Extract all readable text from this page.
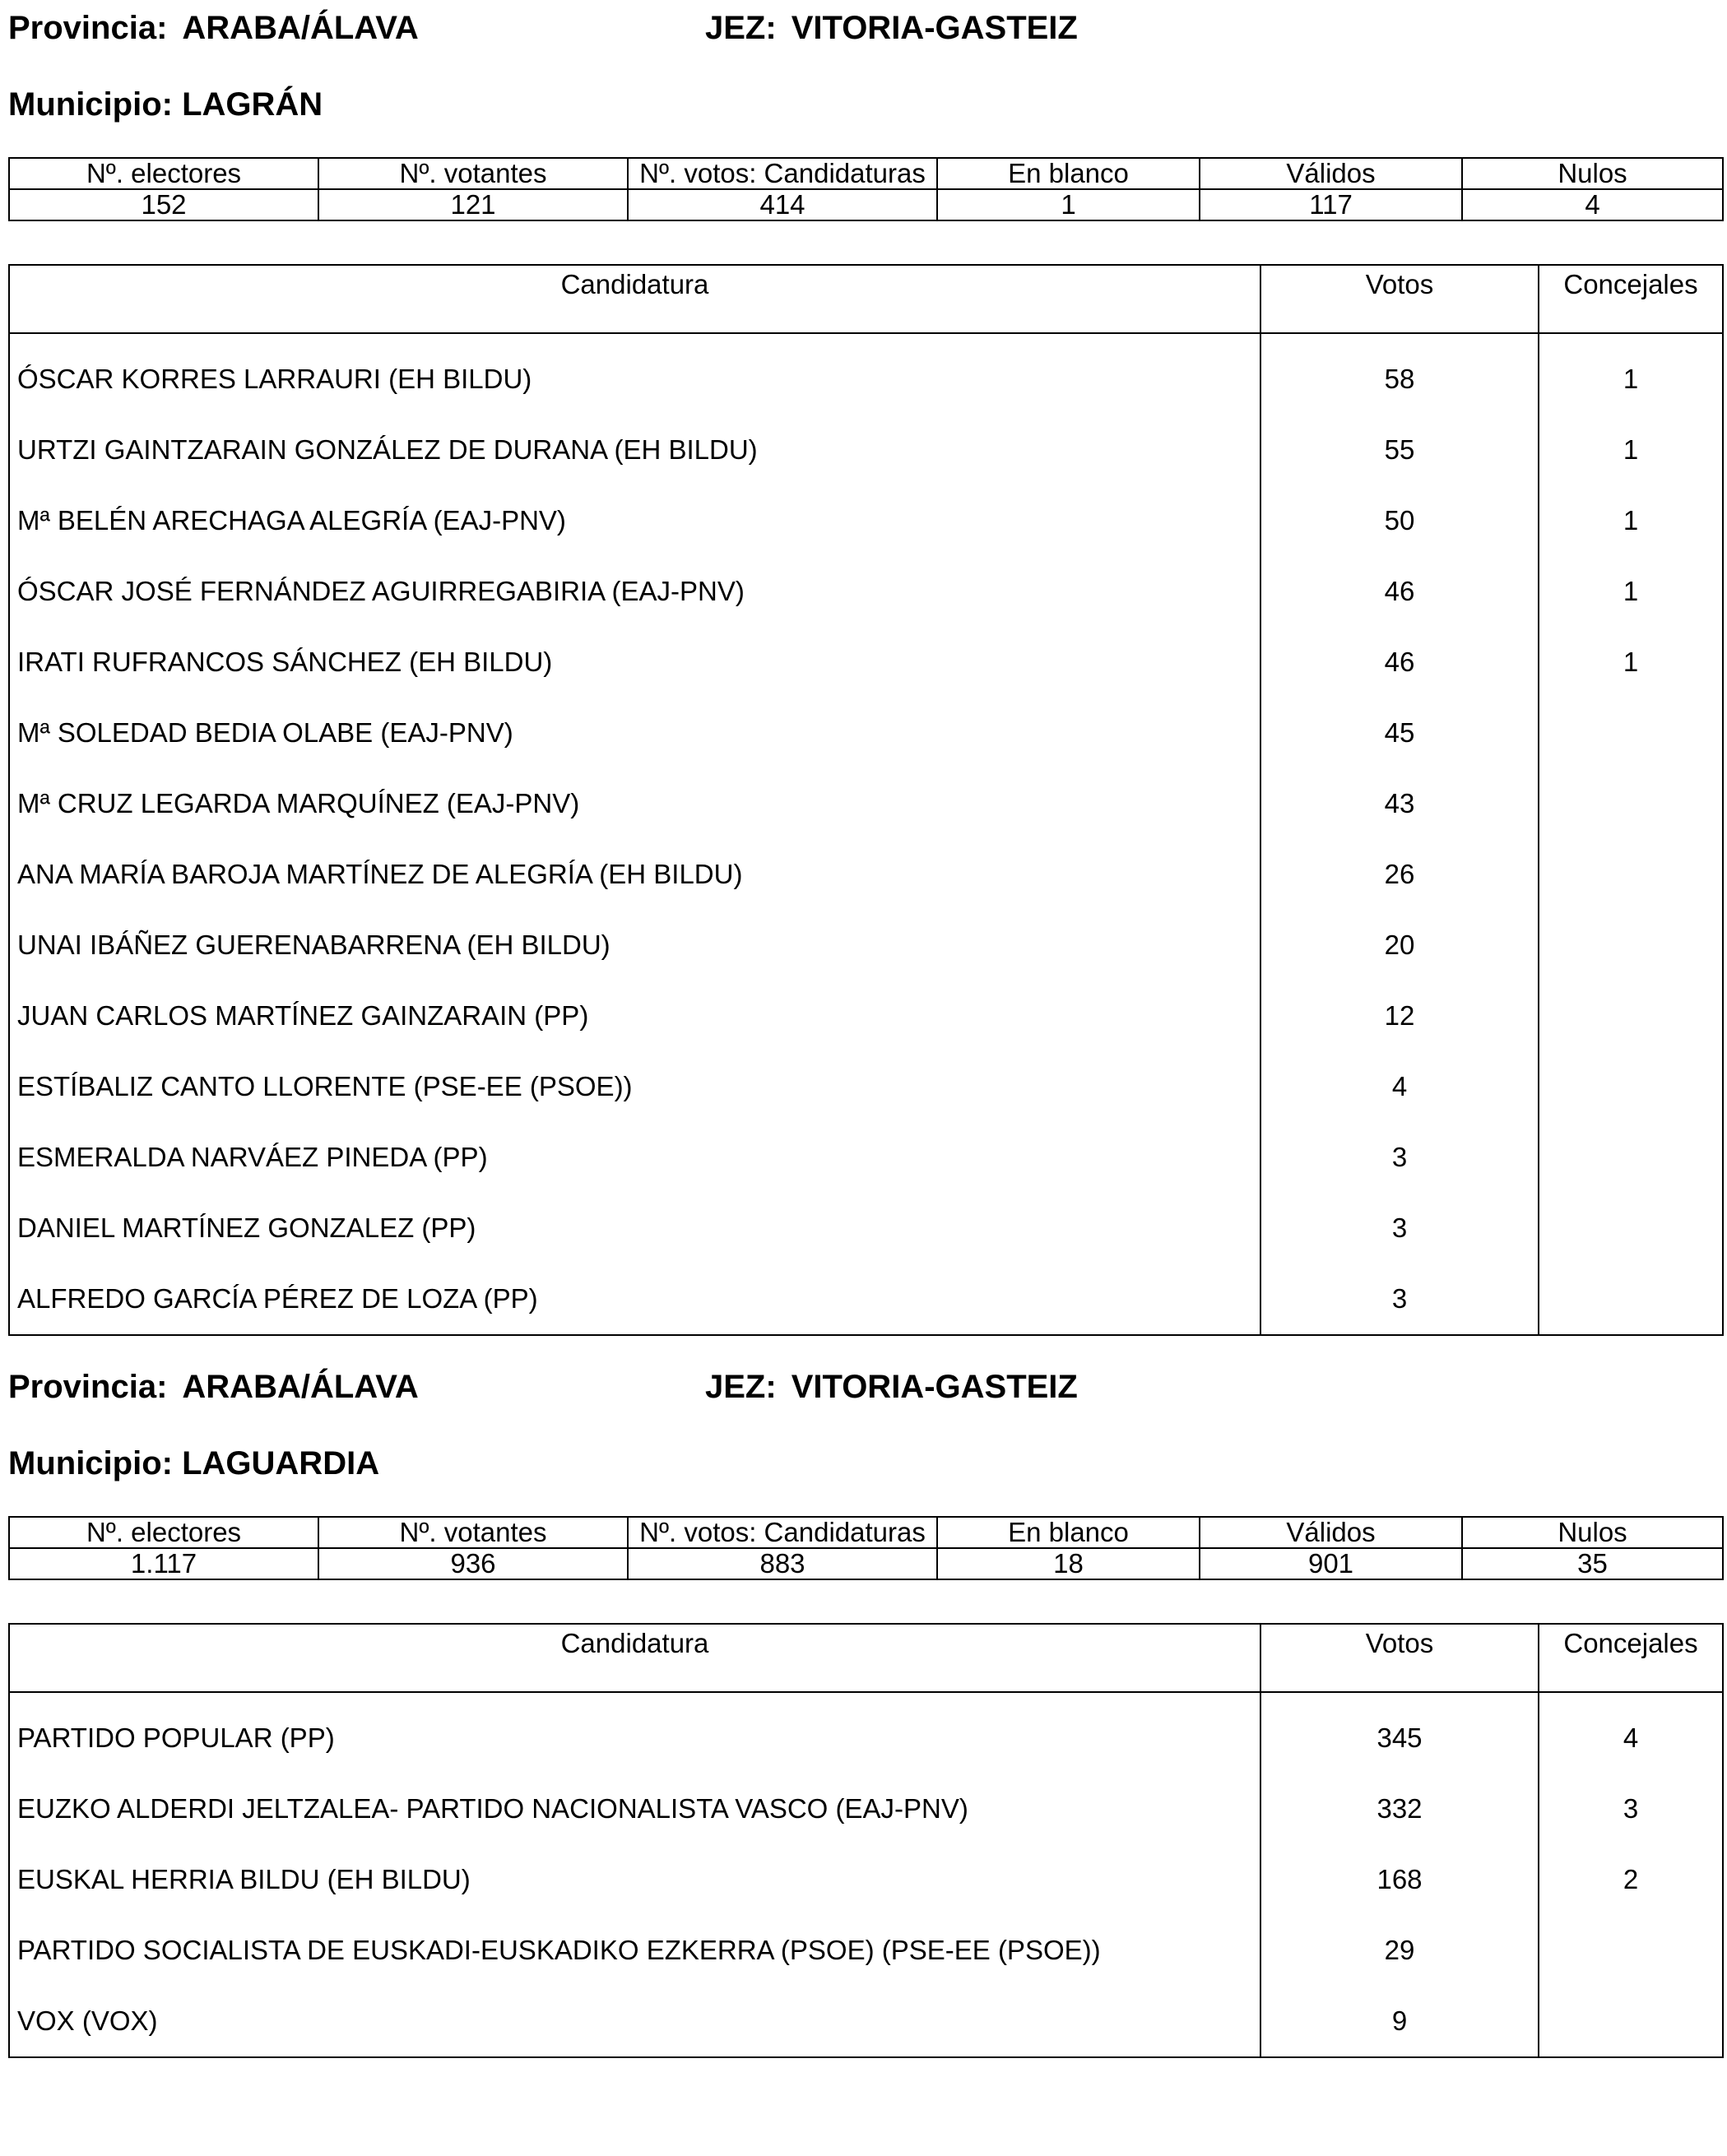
Provincia: ARABA/ÁLAVA	JEZ: VITORIA-GASTEIZ
Municipio: LAGRÁN
Nº. electores	Nº. votantes	Nº. votos: Candidaturas	En blanco	Válidos	Nulos
152	121	414	1	117	4
Candidatura	Votos	Concejales

ÓSCAR KORRES LARRAURI (EH BILDU)	58	1
URTZI GAINTZARAIN GONZÁLEZ DE DURANA (EH BILDU)	55	1
Mª BELÉN ARECHAGA ALEGRÍA (EAJ-PNV)	50	1
ÓSCAR JOSÉ FERNÁNDEZ AGUIRREGABIRIA (EAJ-PNV)	46	1
IRATI RUFRANCOS SÁNCHEZ (EH BILDU)	46	1
Mª SOLEDAD BEDIA OLABE (EAJ-PNV)	45	
Mª CRUZ LEGARDA MARQUÍNEZ (EAJ-PNV)	43	
ANA MARÍA BAROJA MARTÍNEZ DE ALEGRÍA (EH BILDU)	26	
UNAI IBÁÑEZ GUERENABARRENA (EH BILDU)	20	
JUAN CARLOS MARTÍNEZ GAINZARAIN (PP)	12	
ESTÍBALIZ CANTO LLORENTE (PSE-EE (PSOE))	4	
ESMERALDA NARVÁEZ PINEDA (PP)	3	
DANIEL MARTÍNEZ GONZALEZ (PP)	3	
ALFREDO GARCÍA PÉREZ DE LOZA (PP)	3	
Provincia: ARABA/ÁLAVA	JEZ: VITORIA-GASTEIZ
Municipio: LAGUARDIA
Nº. electores	Nº. votantes	Nº. votos: Candidaturas	En blanco	Válidos	Nulos
1.117	936	883	18	901	35
Candidatura	Votos	Concejales

PARTIDO POPULAR (PP)	345	4
EUZKO ALDERDI JELTZALEA- PARTIDO NACIONALISTA VASCO (EAJ-PNV)	332	3
EUSKAL HERRIA BILDU (EH BILDU)	168	2
PARTIDO SOCIALISTA DE EUSKADI-EUSKADIKO EZKERRA (PSOE) (PSE-EE (PSOE))	29	
VOX (VOX)	9	
